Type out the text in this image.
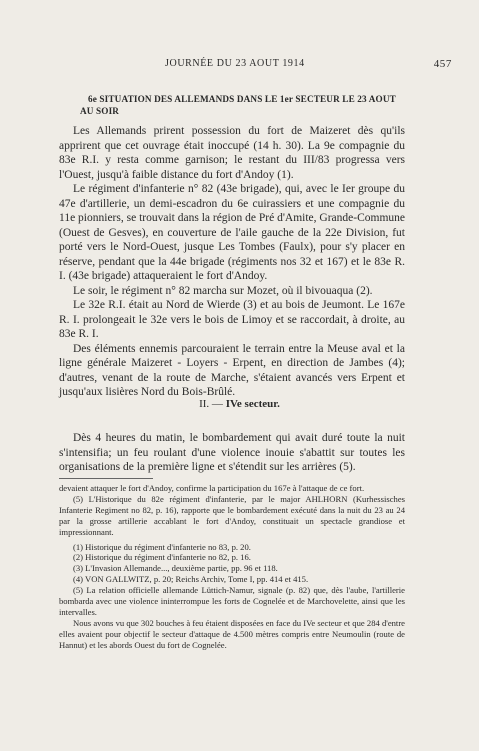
JOURNÉE DU 23 AOUT 1914	457
6e SITUATION DES ALLEMANDS DANS LE 1er SECTEUR LE 23 AOUT AU SOIR

Les Allemands prirent possession du fort de Maizeret dès qu'ils apprirent que cet ouvrage était inoccupé (14 h. 30). La 9e compagnie du 83e R.I. y resta comme garnison; le restant du III/83 progressa vers l'Ouest, jusqu'à faible distance du fort d'Andoy (1).

Le régiment d'infanterie n° 82 (43e brigade), qui, avec le Ier groupe du 47e d'artillerie, un demi-escadron du 6e cuirassiers et une compagnie du 11e pionniers, se trouvait dans la région de Pré d'Amite, Grande-Commune (Ouest de Gesves), en couverture de l'aile gauche de la 22e Division, fut porté vers le Nord-Ouest, jusque Les Tombes (Faulx), pour s'y placer en réserve, pendant que la 44e brigade (régiments nos 32 et 167) et le 83e R. I. (43e brigade) attaqueraient le fort d'Andoy.

Le soir, le régiment n° 82 marcha sur Mozet, où il bivouaqua (2).

Le 32e R.I. était au Nord de Wierde (3) et au bois de Jeumont. Le 167e R. I. prolongeait le 32e vers le bois de Limoy et se raccordait, à droite, au 83e R. I.

Des éléments ennemis parcouraient le terrain entre la Meuse aval et la ligne générale Maizeret - Loyers - Erpent, en direction de Jambes (4); d'autres, venant de la route de Marche, s'étaient avancés vers Erpent et jusqu'aux lisières Nord du Bois-Brûlé.

II. — IVe secteur.

Dès 4 heures du matin, le bombardement qui avait duré toute la nuit s'intensifia; un feu roulant d'une violence inouie s'abattit sur toutes les organisations de la première ligne et s'étendit sur les arrières (5).

devaient attaquer le fort d'Andoy, confirme la participation du 167e à l'attaque de ce fort.

(5) L'Historique du 82e régiment d'infanterie, par le major AHLHORN (Kurhessisches Infanterie Regiment no 82, p. 16), rapporte que le bombardement exécuté dans la nuit du 23 au 24 par la grosse artillerie accablant le fort d'Andoy, constituait un spectacle grandiose et impressionnant.

(1) Historique du régiment d'infanterie no 83, p. 20.

(2) Historique du régiment d'infanterie no 82, p. 16.

(3) L'Invasion Allemande..., deuxième partie, pp. 96 et 118.

(4) VON GALLWITZ, p. 20; Reichs Archiv, Tome I, pp. 414 et 415.

(5) La relation officielle allemande Lüttich-Namur, signale (p. 82) que, dès l'aube, l'artillerie bombarda avec une violence ininterrompue les forts de Cognelée et de Marchovelette, ainsi que les intervalles.

Nous avons vu que 302 bouches à feu étaient disposées en face du IVe secteur et que 284 d'entre elles avaient pour objectif le secteur d'attaque de 4.500 mètres compris entre Neumoulin (route de Hannut) et les abords Ouest du fort de Cognelée.
